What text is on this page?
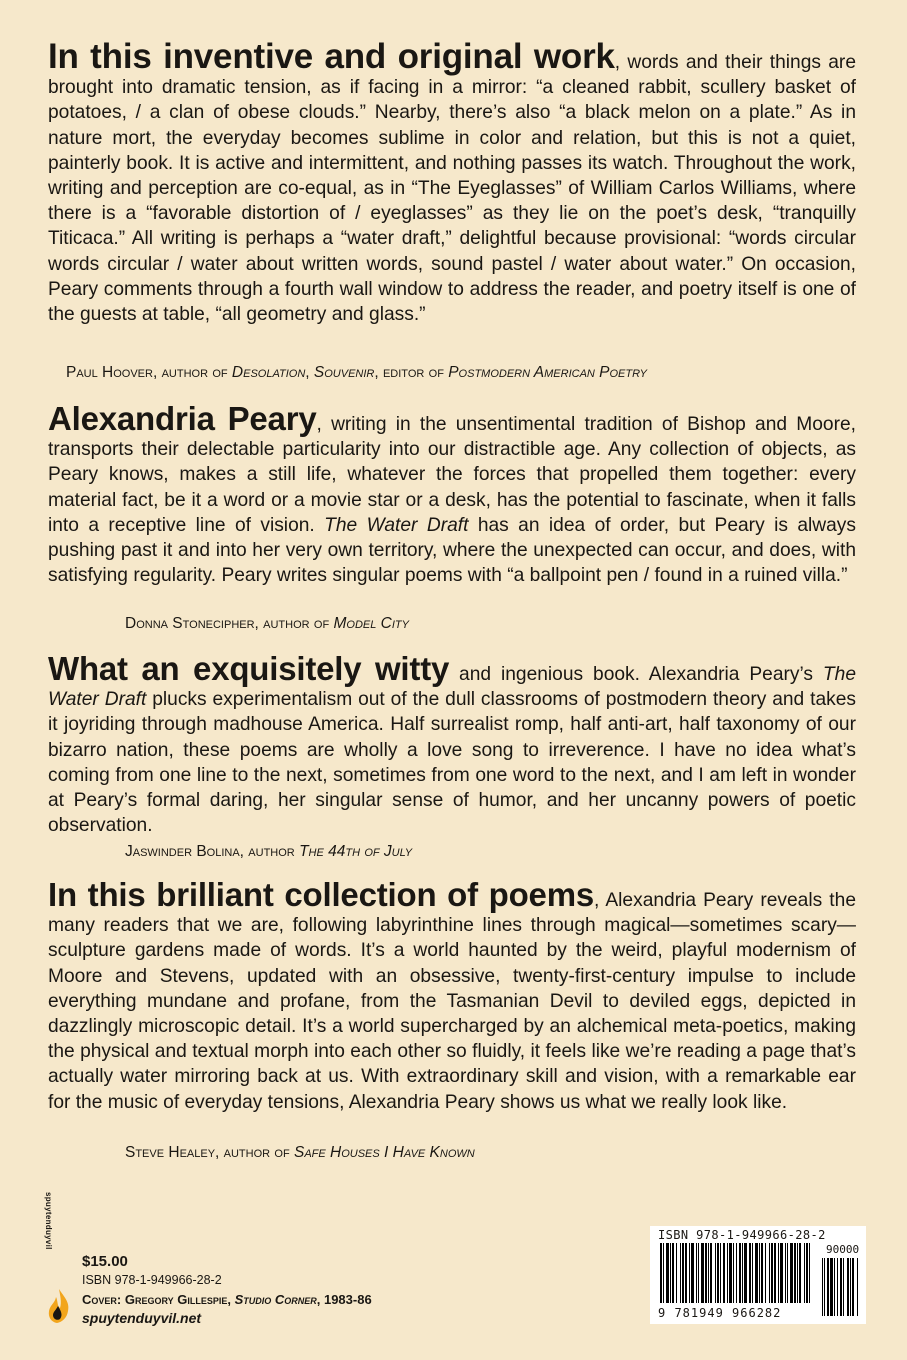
In this inventive and original work, words and their things are brought into dramatic tension, as if facing in a mirror: “a cleaned rabbit, scullery basket of potatoes, / a clan of obese clouds.” Nearby, there’s also “a black melon on a plate.” As in nature mort, the everyday becomes sublime in color and relation, but this is not a quiet, painterly book. It is active and intermittent, and nothing passes its watch. Throughout the work, writing and perception are co-equal, as in “The Eyeglasses” of William Carlos Williams, where there is a “favorable distortion of / eyeglasses” as they lie on the poet’s desk, “tranquilly Titicaca.” All writing is perhaps a “water draft,” delightful because provisional: “words circular words circular / water about written words, sound pastel / water about water.” On occasion, Peary comments through a fourth wall window to address the reader, and poetry itself is one of the guests at table, “all geometry and glass.”
Paul Hoover, author of Desolation, Souvenir, editor of Postmodern American Poetry
Alexandria Peary, writing in the unsentimental tradition of Bishop and Moore, transports their delectable particularity into our distractible age. Any collection of objects, as Peary knows, makes a still life, whatever the forces that propelled them together: every material fact, be it a word or a movie star or a desk, has the potential to fascinate, when it falls into a receptive line of vision. The Water Draft has an idea of order, but Peary is always pushing past it and into her very own territory, where the unexpected can occur, and does, with satisfying regularity. Peary writes singular poems with “a ballpoint pen / found in a ruined villa.”
Donna Stonecipher, author of Model City
What an exquisitely witty and ingenious book. Alexandria Peary’s The Water Draft plucks experimentalism out of the dull classrooms of postmodern theory and takes it joyriding through madhouse America. Half surrealist romp, half anti-art, half taxonomy of our bizarro nation, these poems are wholly a love song to irreverence. I have no idea what’s coming from one line to the next, sometimes from one word to the next, and I am left in wonder at Peary’s formal daring, her singular sense of humor, and her uncanny powers of poetic observation.
Jaswinder Bolina, author The 44th of July
In this brilliant collection of poems, Alexandria Peary reveals the many readers that we are, following labyrinthine lines through magical—sometimes scary—sculpture gardens made of words. It’s a world haunted by the weird, playful modernism of Moore and Stevens, updated with an obsessive, twenty-first-century impulse to include everything mundane and profane, from the Tasmanian Devil to deviled eggs, depicted in dazzlingly microscopic detail. It’s a world supercharged by an alchemical meta-poetics, making the physical and textual morph into each other so fluidly, it feels like we’re reading a page that’s actually water mirroring back at us. With extraordinary skill and vision, with a remarkable ear for the music of everyday tensions, Alexandria Peary shows us what we really look like.
Steve Healey, author of Safe Houses I Have Known
spuytenduyvil
$15.00
ISBN 978-1-949966-28-2
Cover: Gregory Gillespie, Studio Corner, 1983-86
spuytenduyvil.net
ISBN 978-1-949966-28-2
90000
9 781949 966282
